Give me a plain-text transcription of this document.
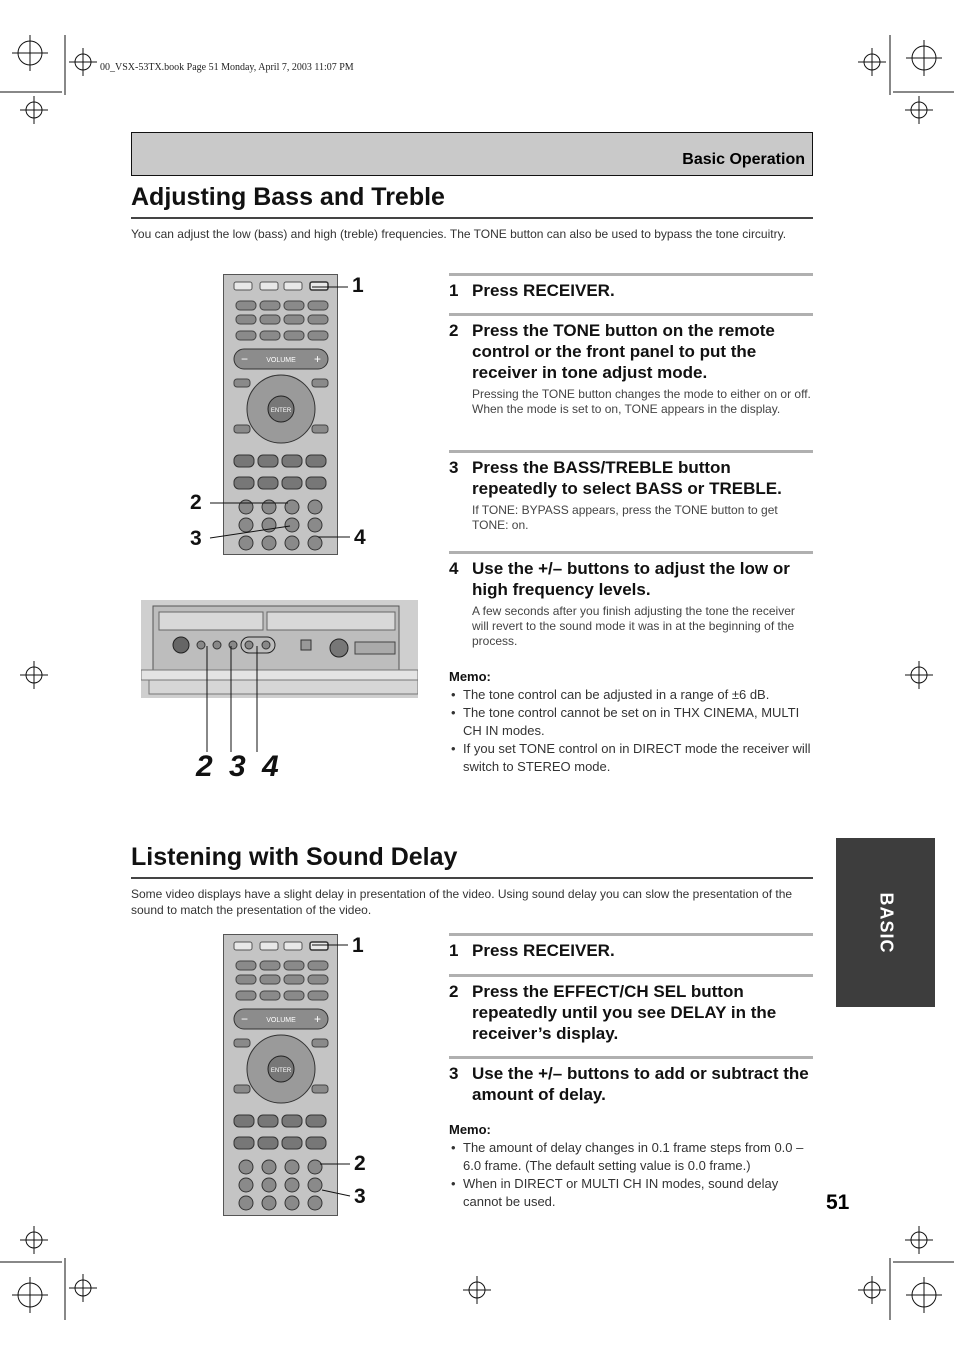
00_VSX-53TX.book Page 51 Monday, April 7, 2003 11:07 PM
Basic Operation
Adjusting Bass and Treble
You can adjust the low (bass) and high (treble) frequencies. The TONE button can also be used to bypass the tone circuitry.
VOLUME
−	+
ENTER
1
2
3	4
2 3 4
1 Press RECEIVER.
2 Press the TONE button on the remote control or the front panel to put the receiver in tone adjust mode.
Pressing the TONE button changes the mode to either on or off. When the mode is set to on, TONE appears in the display.
3 Press the BASS/TREBLE button repeatedly to select BASS or TREBLE.
If TONE: BYPASS appears, press the TONE button to get TONE: on.
4 Use the +/– buttons to adjust the low or high frequency levels.
A few seconds after you finish adjusting the tone the receiver will revert to the sound mode it was in at the beginning of the process.
Memo:
• The tone control can be adjusted in a range of ±6 dB.
• The tone control cannot be set on in THX CINEMA, MULTI CH IN modes.
• If you set TONE control on in DIRECT mode the receiver will switch to STEREO mode.
Listening with Sound Delay
Some video displays have a slight delay in presentation of the video. Using sound delay you can slow the presentation of the sound to match the presentation of the video.
VOLUME
−	+
ENTER
1
2
3
1 Press RECEIVER.
2 Press the EFFECT/CH SEL button repeatedly until you see DELAY in the receiver’s display.
3 Use the +/– buttons to add or subtract the amount of delay.
Memo:
• The amount of delay changes in 0.1 frame steps from 0.0 – 6.0 frame. (The default setting value is 0.0 frame.)
• When in DIRECT or MULTI CH IN modes, sound delay cannot be used.
BASIC
51
